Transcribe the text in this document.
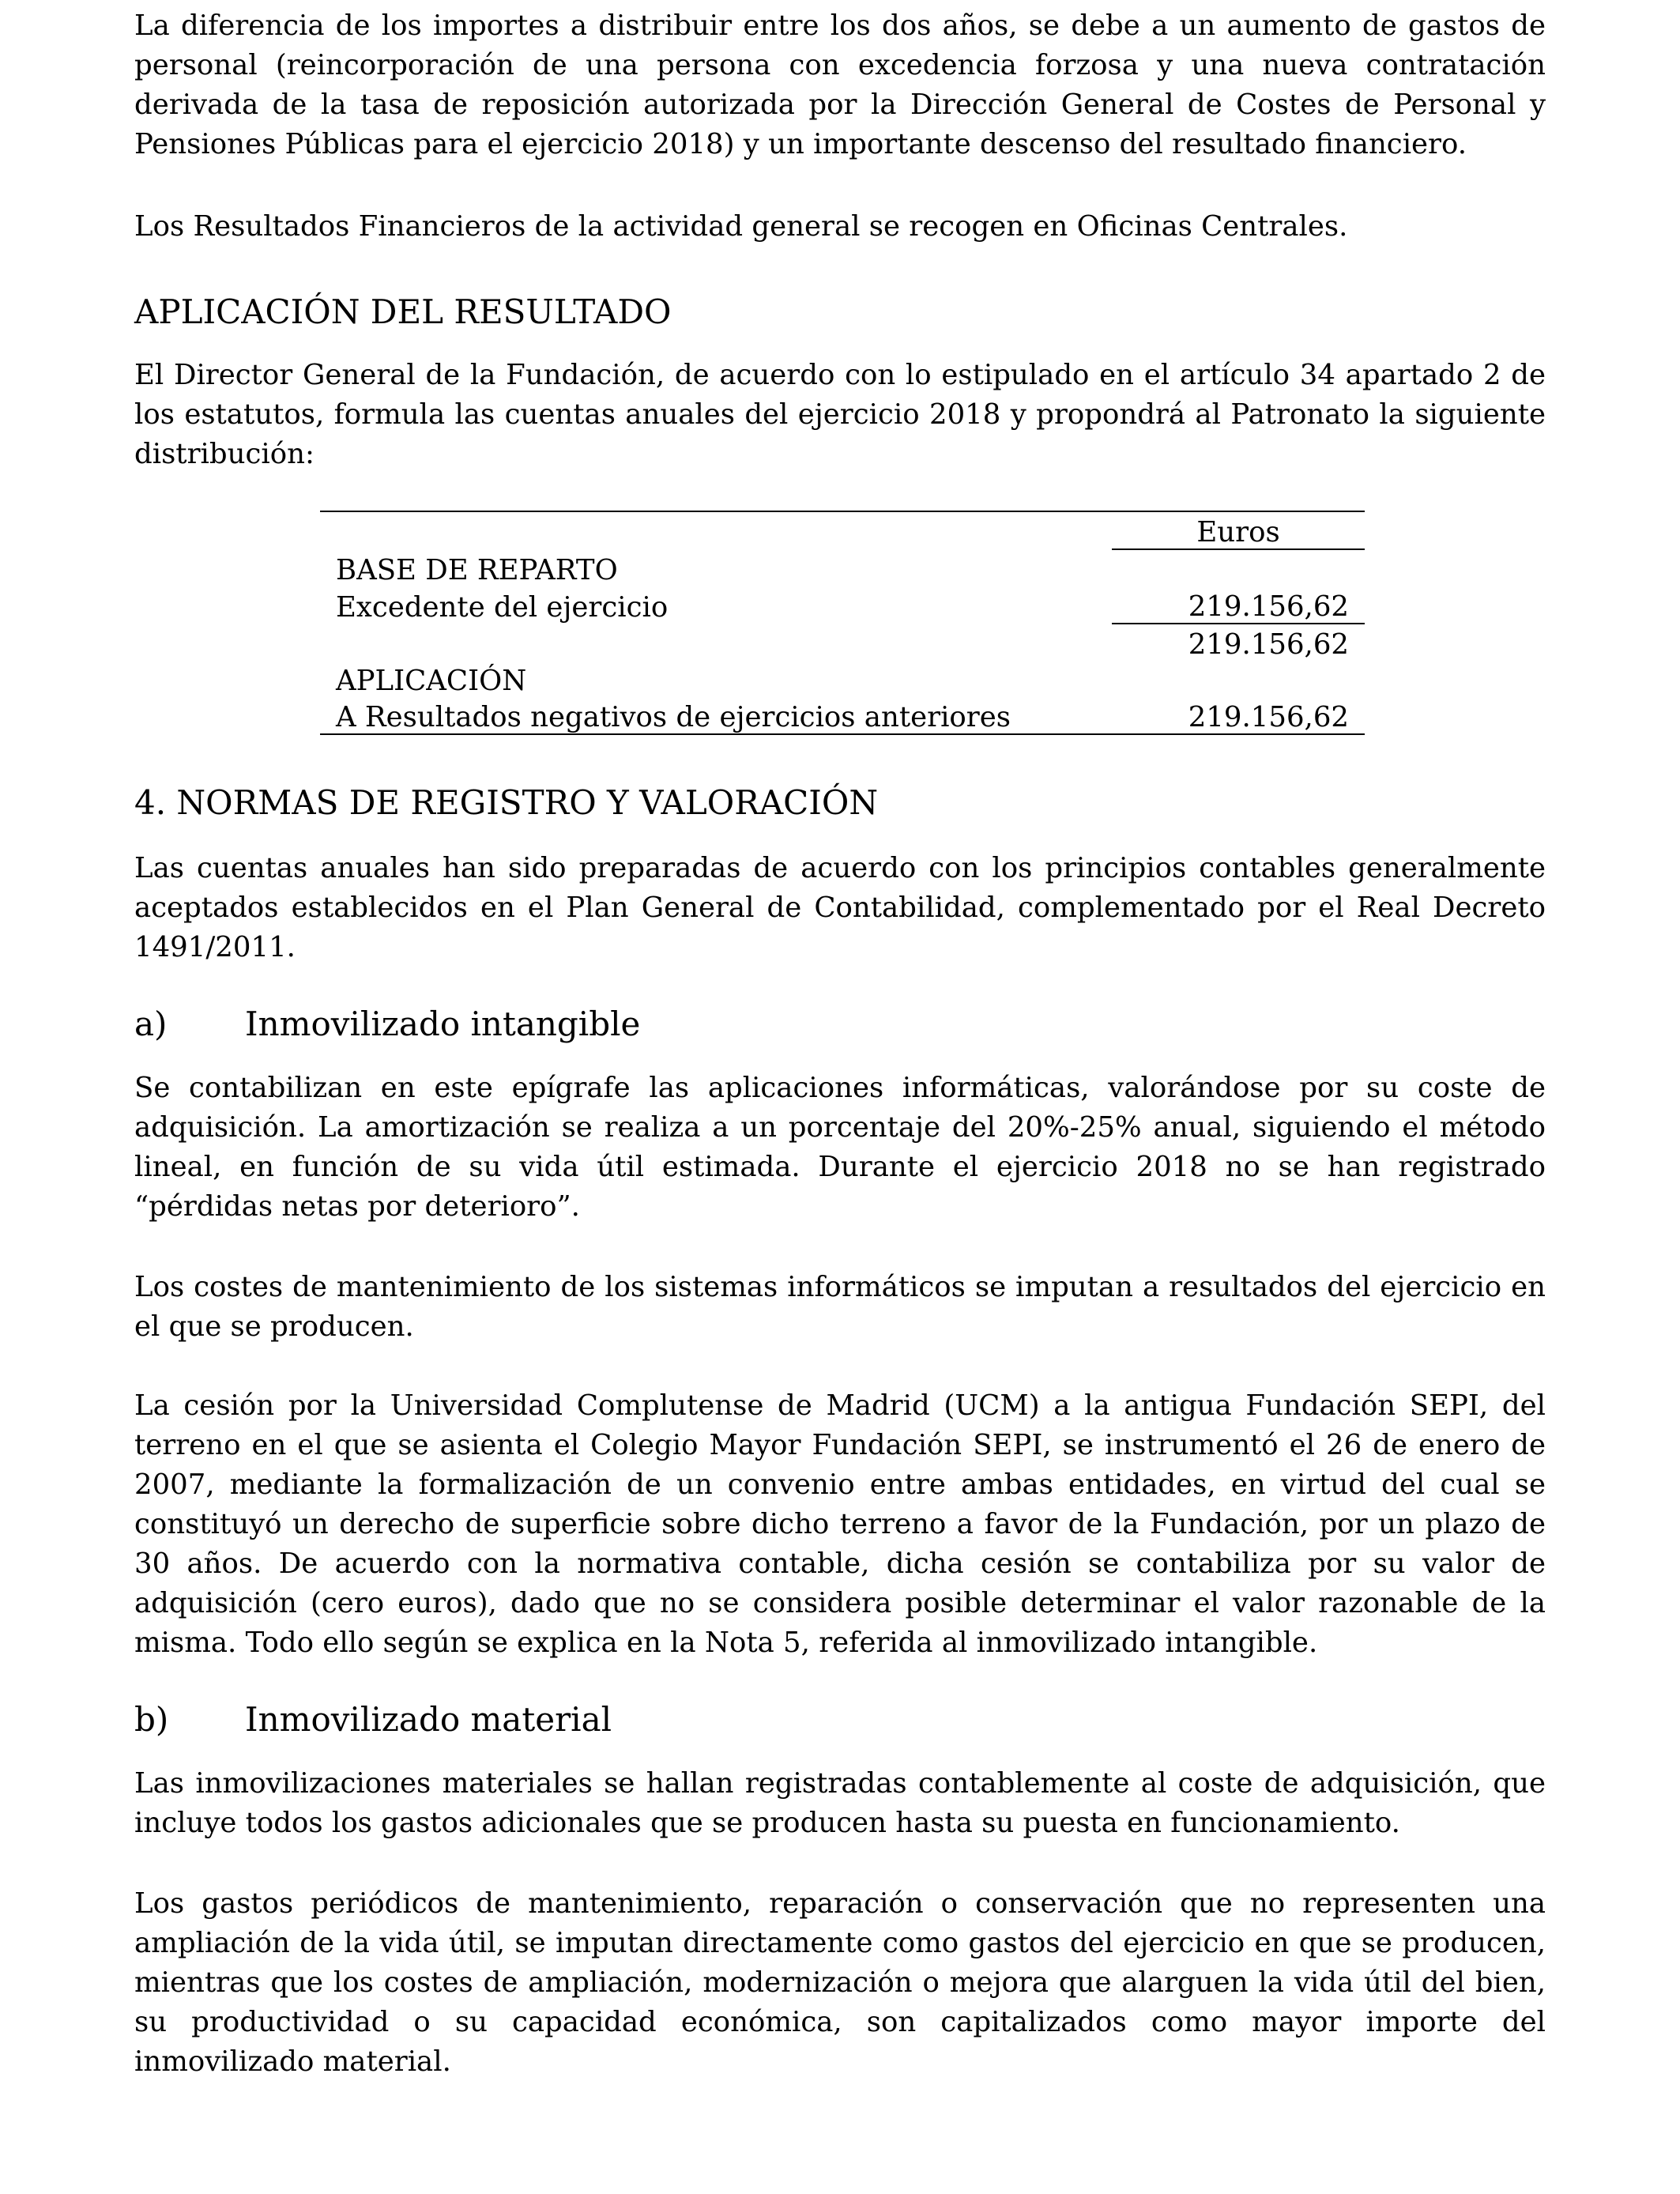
La diferencia de los importes a distribuir entre los dos años, se debe a un aumento de gastos de personal (reincorporación de una persona con excedencia forzosa y una nueva contratación derivada de la tasa de reposición autorizada por la Dirección General de Costes de Personal y Pensiones Públicas para el ejercicio 2018) y un importante descenso del resultado financiero.

Los Resultados Financieros de la actividad general se recogen en Oficinas Centrales.

APLICACIÓN DEL RESULTADO

El Director General de la Fundación, de acuerdo con lo estipulado en el artículo 34 apartado 2 de los estatutos, formula las cuentas anuales del ejercicio 2018 y propondrá al Patronato la siguiente distribución:

	Euros
BASE DE REPARTO	
Excedente del ejercicio	219.156,62
	219.156,62
APLICACIÓN	
A Resultados negativos de ejercicios anteriores	219.156,62
4. NORMAS DE REGISTRO Y VALORACIÓN

Las cuentas anuales han sido preparadas de acuerdo con los principios contables generalmente aceptados establecidos en el Plan General de Contabilidad, complementado por el Real Decreto 1491/2011.

a)	Inmovilizado intangible

Se contabilizan en este epígrafe las aplicaciones informáticas, valorándose por su coste de adquisición. La amortización se realiza a un porcentaje del 20%-25% anual, siguiendo el método lineal, en función de su vida útil estimada. Durante el ejercicio 2018 no se han registrado “pérdidas netas por deterioro”.

Los costes de mantenimiento de los sistemas informáticos se imputan a resultados del ejercicio en el que se producen.

La cesión por la Universidad Complutense de Madrid (UCM) a la antigua Fundación SEPI, del terreno en el que se asienta el Colegio Mayor Fundación SEPI, se instrumentó el 26 de enero de 2007, mediante la formalización de un convenio entre ambas entidades, en virtud del cual se constituyó un derecho de superficie sobre dicho terreno a favor de la Fundación, por un plazo de 30 años. De acuerdo con la normativa contable, dicha cesión se contabiliza por su valor de adquisición (cero euros), dado que no se considera posible determinar el valor razonable de la misma. Todo ello según se explica en la Nota 5, referida al inmovilizado intangible.

b)	Inmovilizado material

Las inmovilizaciones materiales se hallan registradas contablemente al coste de adquisición, que incluye todos los gastos adicionales que se producen hasta su puesta en funcionamiento.

Los gastos periódicos de mantenimiento, reparación o conservación que no representen una ampliación de la vida útil, se imputan directamente como gastos del ejercicio en que se producen, mientras que los costes de ampliación, modernización o mejora que alarguen la vida útil del bien, su productividad o su capacidad económica, son capitalizados como mayor importe del inmovilizado material.
